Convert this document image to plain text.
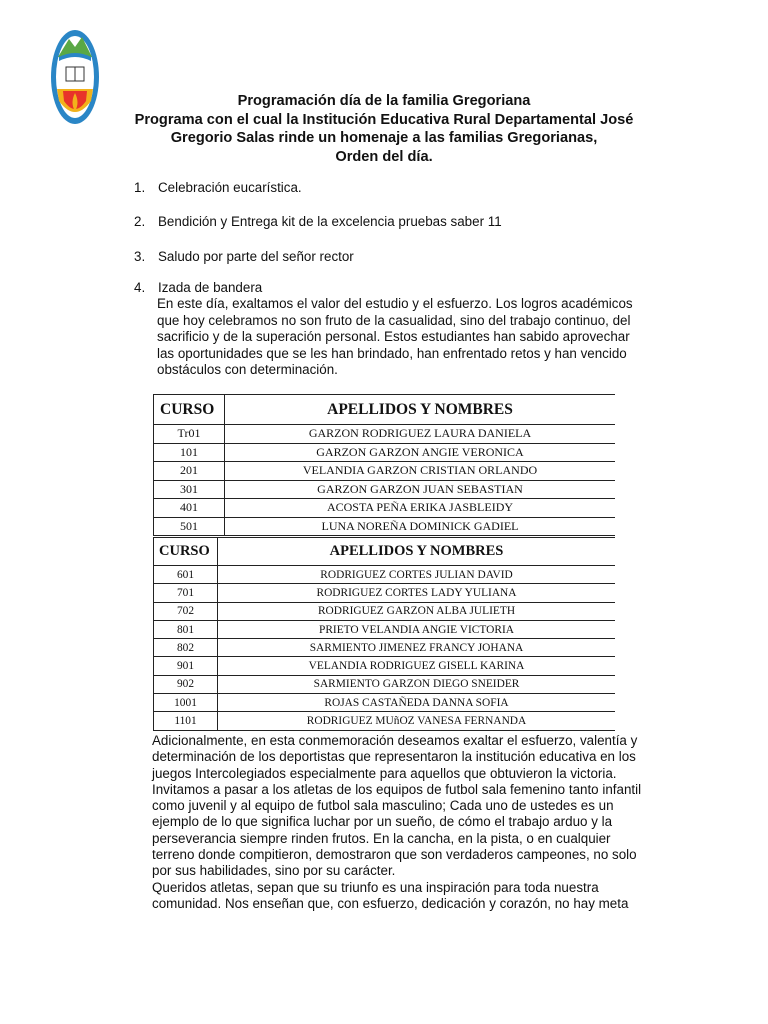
Programación día de la familia Gregoriana
Programa con el cual la Institución Educativa Rural Departamental José
Gregorio Salas rinde un homenaje a las familias Gregorianas,
Orden del día.
1. Celebración eucarística.
2. Bendición y Entrega kit de la excelencia pruebas saber 11
3. Saludo por parte del señor rector
4. Izada de bandera
En este día, exaltamos el valor del estudio y el esfuerzo. Los logros académicos
que hoy celebramos no son fruto de la casualidad, sino del trabajo continuo, del
sacrificio y de la superación personal. Estos estudiantes han sabido aprovechar
las oportunidades que se les han brindado, han enfrentado retos y han vencido
obstáculos con determinación.
CURSO	APELLIDOS Y NOMBRES
Tr01	GARZON RODRIGUEZ LAURA DANIELA
101	GARZON GARZON ANGIE VERONICA
201	VELANDIA GARZON CRISTIAN ORLANDO
301	GARZON GARZON JUAN SEBASTIAN
401	ACOSTA PEÑA ERIKA JASBLEIDY
501	LUNA NOREÑA DOMINICK GADIEL
CURSO	APELLIDOS Y NOMBRES
601	RODRIGUEZ CORTES JULIAN DAVID
701	RODRIGUEZ CORTES LADY YULIANA
702	RODRIGUEZ GARZON ALBA JULIETH
801	PRIETO VELANDIA ANGIE VICTORIA
802	SARMIENTO JIMENEZ FRANCY JOHANA
901	VELANDIA RODRIGUEZ GISELL KARINA
902	SARMIENTO GARZON DIEGO SNEIDER
1001	ROJAS CASTAÑEDA DANNA SOFIA
1101	RODRIGUEZ MUñOZ VANESA FERNANDA
Adicionalmente, en esta conmemoración deseamos exaltar el esfuerzo, valentía y
determinación de los deportistas que representaron la institución educativa en los
juegos Intercolegiados especialmente para aquellos que obtuvieron la victoria.
Invitamos a pasar a los atletas de los equipos de futbol sala femenino tanto infantil
como juvenil y al equipo de futbol sala masculino; Cada uno de ustedes es un
ejemplo de lo que significa luchar por un sueño, de cómo el trabajo arduo y la
perseverancia siempre rinden frutos. En la cancha, en la pista, o en cualquier
terreno donde compitieron, demostraron que son verdaderos campeones, no solo
por sus habilidades, sino por su carácter.
Queridos atletas, sepan que su triunfo es una inspiración para toda nuestra
comunidad. Nos enseñan que, con esfuerzo, dedicación y corazón, no hay meta
